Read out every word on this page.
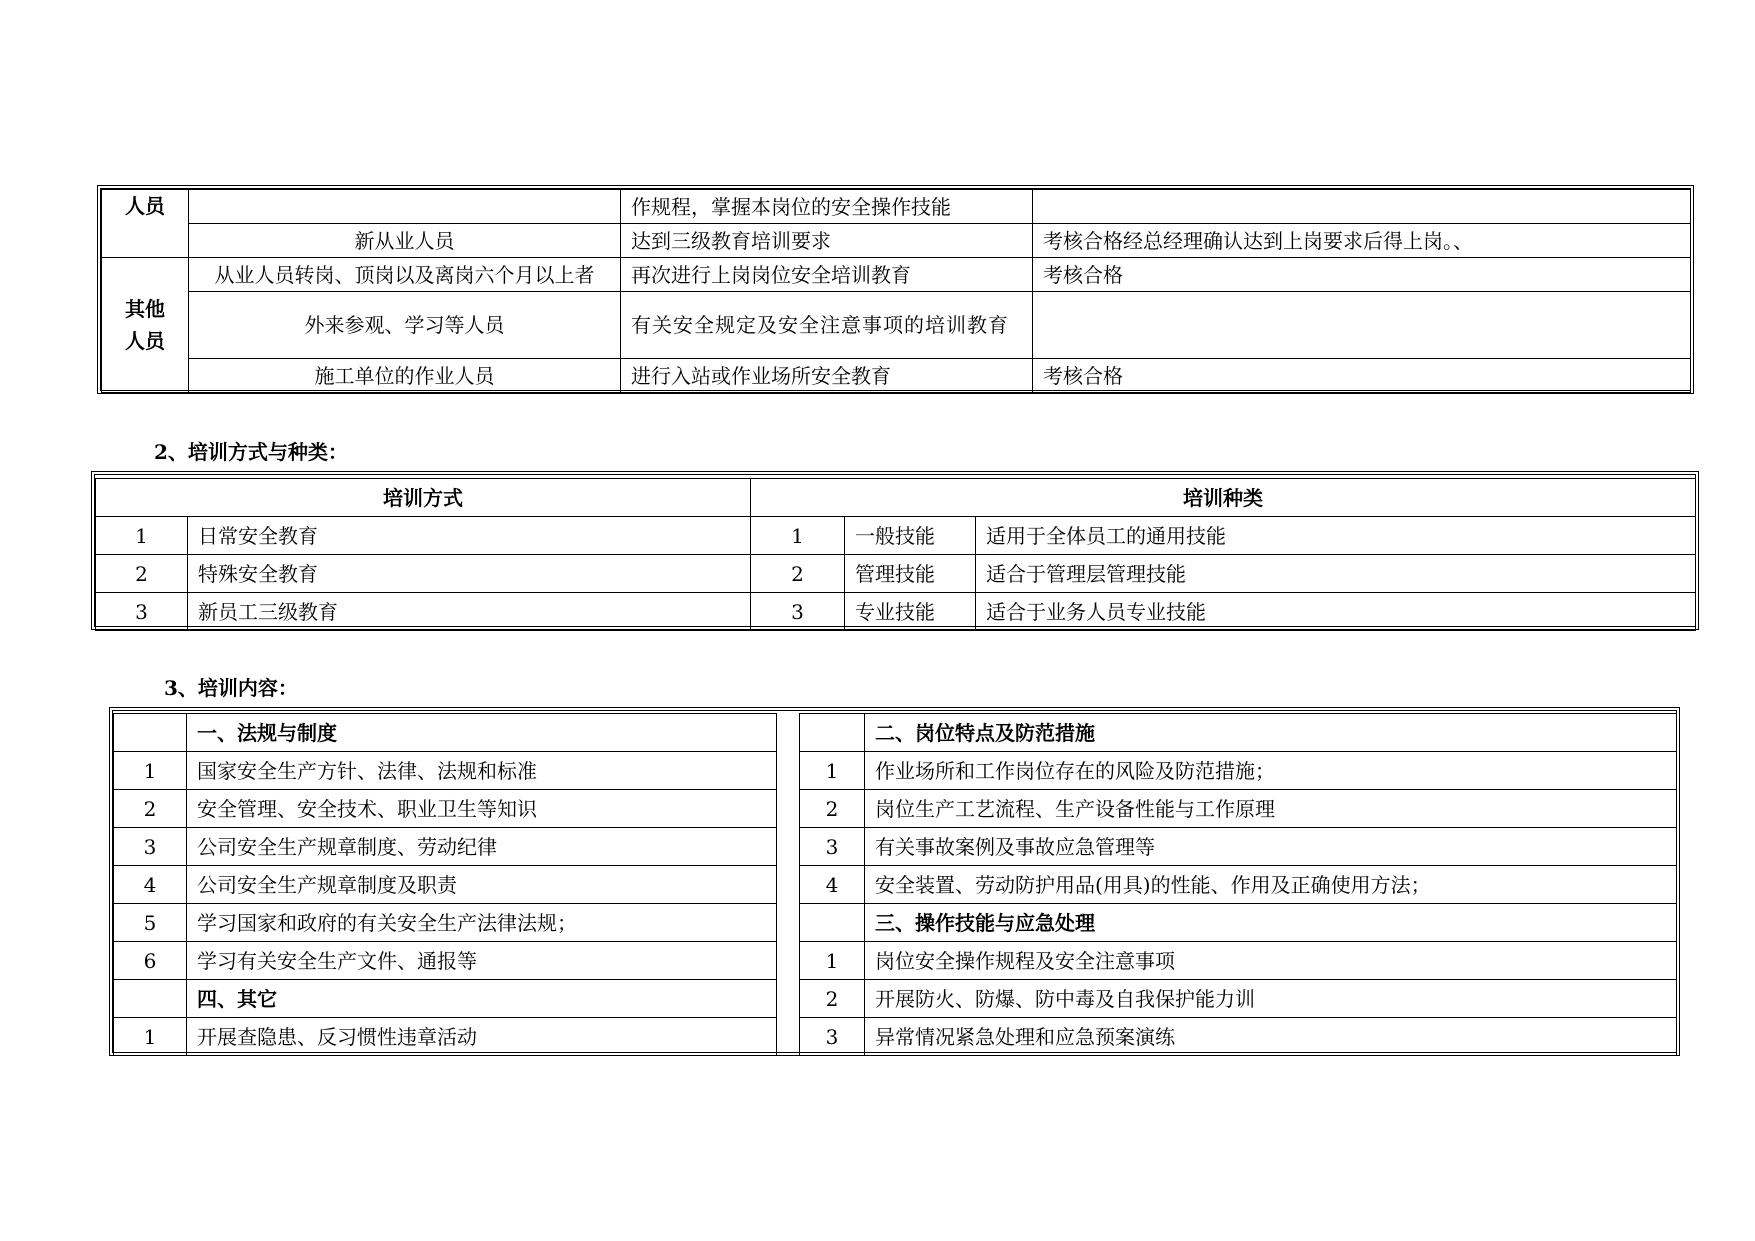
人员		作规程，掌握本岗位的安全操作技能	
	新从业人员	达到三级教育培训要求	考核合格经总经理确认达到上岗要求后得上岗。、
其他
人员	从业人员转岗、顶岗以及离岗六个月以上者	再次进行上岗岗位安全培训教育	考核合格
	外来参观、学习等人员	有关安全规定及安全注意事项的培训教育	
	施工单位的作业人员	进行入站或作业场所安全教育	考核合格
2、培训方式与种类：
培训方式		培训种类		
1	日常安全教育	1	一般技能	适用于全体员工的通用技能
2	特殊安全教育	2	管理技能	适合于管理层管理技能
3	新员工三级教育	3	专业技能	适合于业务人员专业技能
3、培训内容：
	一、法规与制度			二、岗位特点及防范措施
1	国家安全生产方针、法律、法规和标准		1	作业场所和工作岗位存在的风险及防范措施；
2	安全管理、安全技术、职业卫生等知识		2	岗位生产工艺流程、生产设备性能与工作原理
3	公司安全生产规章制度、劳动纪律		3	有关事故案例及事故应急管理等
4	公司安全生产规章制度及职责		4	安全装置、劳动防护用品(用具)的性能、作用及正确使用方法；
5	学习国家和政府的有关安全生产法律法规；			三、操作技能与应急处理
6	学习有关安全生产文件、通报等		1	岗位安全操作规程及安全注意事项
	四、其它		2	开展防火、防爆、防中毒及自我保护能力训
1	开展查隐患、反习惯性违章活动		3	异常情况紧急处理和应急预案演练
